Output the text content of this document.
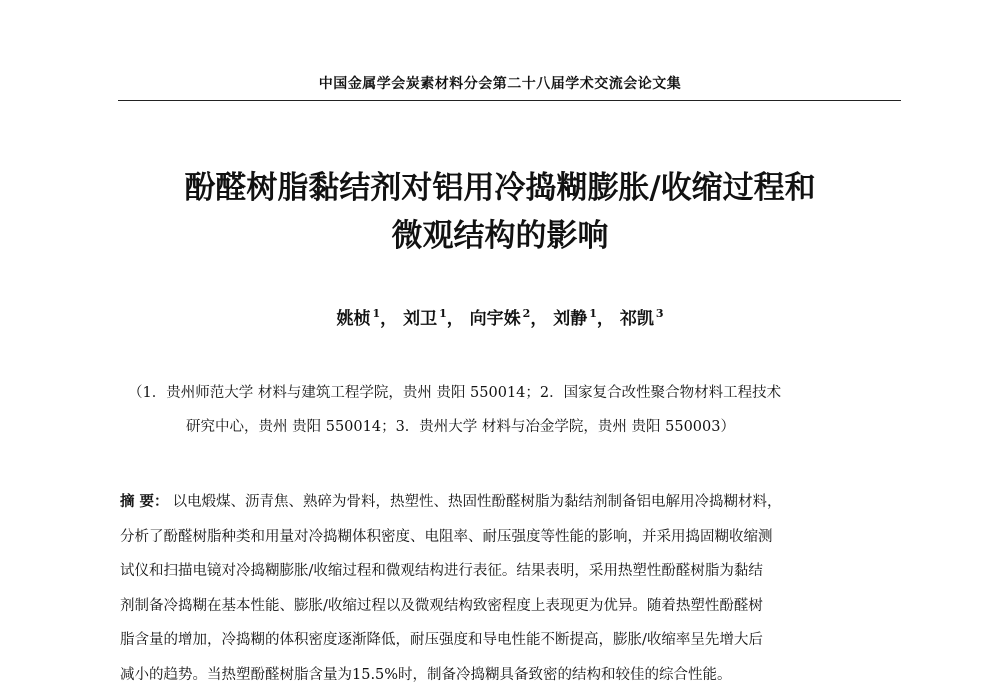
中国金属学会炭素材料分会第二十八届学术交流会论文集
酚醛树脂黏结剂对铝用冷捣糊膨胀/收缩过程和
微观结构的影响
姚桢 $^1$， 刘卫 $^1$， 向宇姝 $^2$， 刘静 $^1$， 祁凯 $^3$
（1．贵州师范大学 材料与建筑工程学院，贵州 贵阳 550014；2．国家复合改性聚合物材料工程技术
研究中心，贵州 贵阳 550014；3．贵州大学 材料与冶金学院，贵州 贵阳 550003）
摘 要： 以电煅煤、沥青焦、熟碎为骨料，热塑性、热固性酚醛树脂为黏结剂制备铝电解用冷捣糊材料，
分析了酚醛树脂种类和用量对冷捣糊体积密度、电阻率、耐压强度等性能的影响，并采用捣固糊收缩测
试仪和扫描电镜对冷捣糊膨胀/收缩过程和微观结构进行表征。结果表明，采用热塑性酚醛树脂为黏结
剂制备冷捣糊在基本性能、膨胀/收缩过程以及微观结构致密程度上表现更为优异。随着热塑性酚醛树
脂含量的增加，冷捣糊的体积密度逐渐降低，耐压强度和导电性能不断提高，膨胀/收缩率呈先增大后
减小的趋势。当热塑酚醛树脂含量为15.5%时，制备冷捣糊具备致密的结构和较佳的综合性能。
